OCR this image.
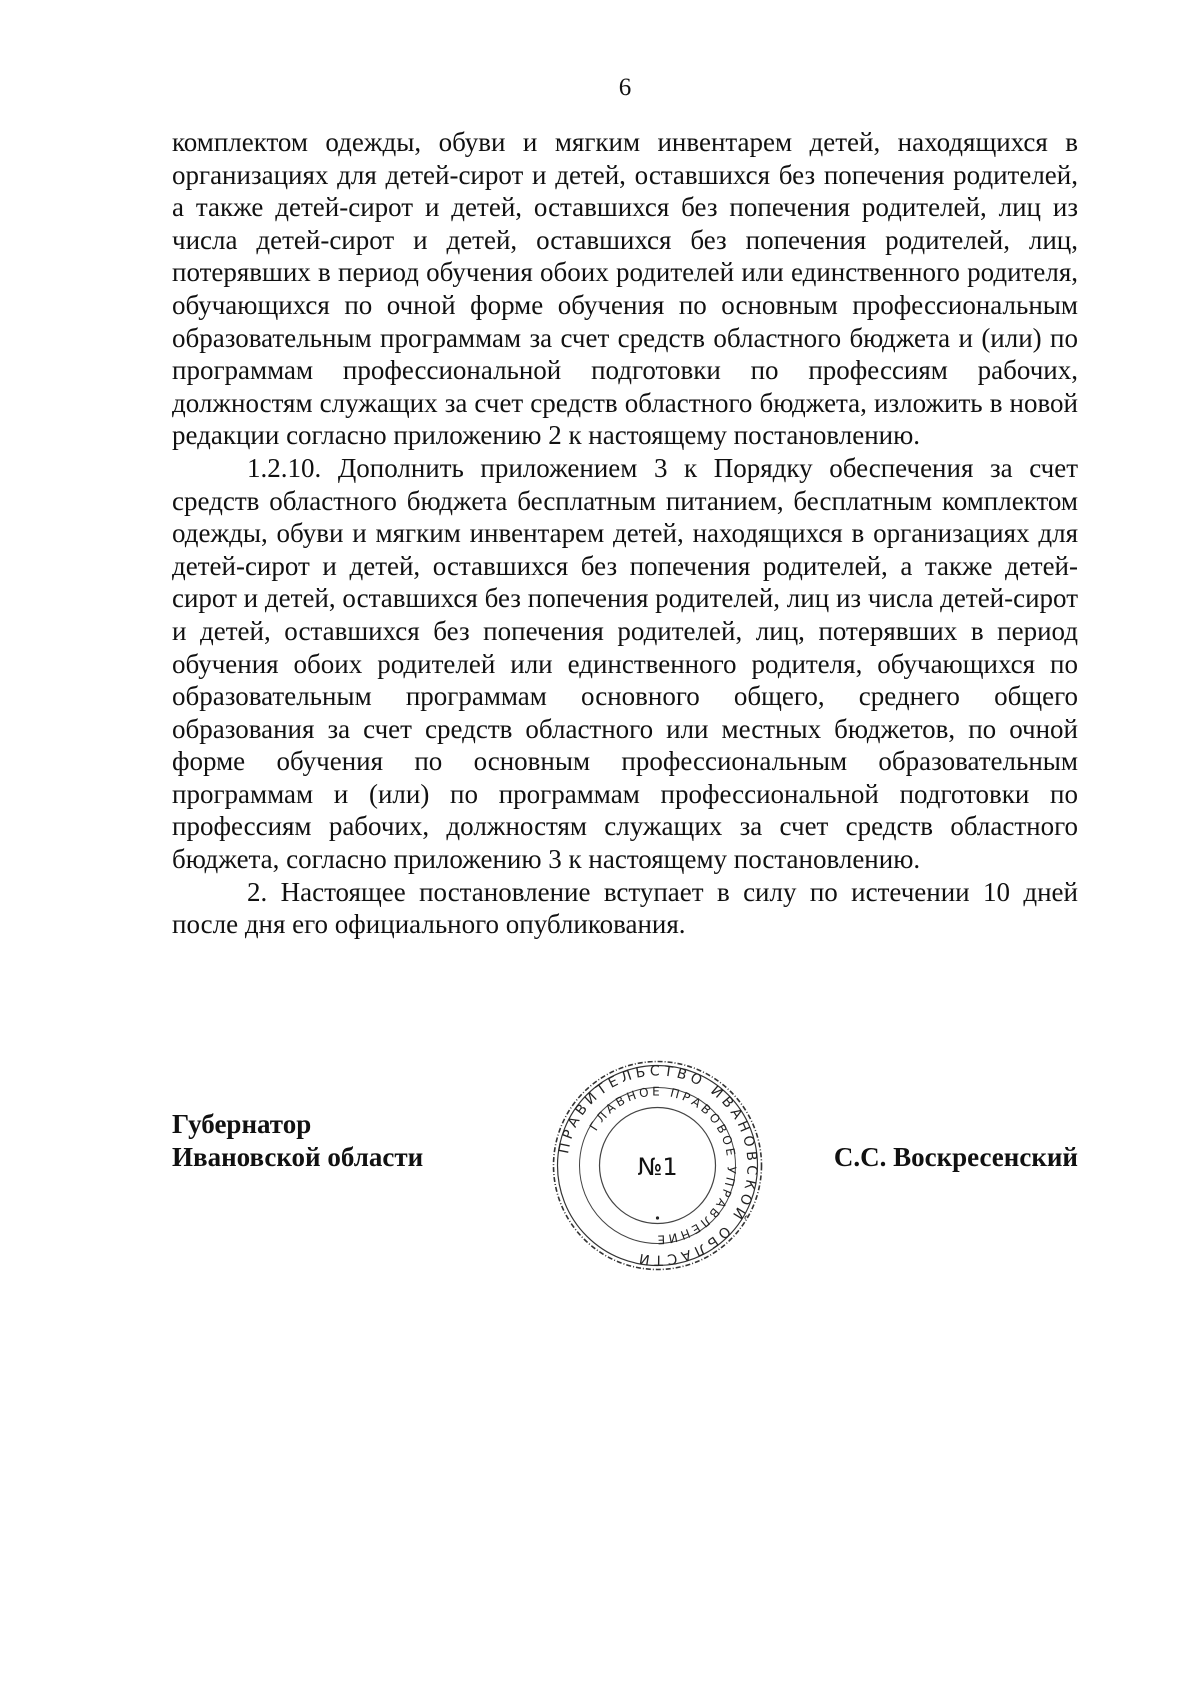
6

комплектом одежды, обуви и мягким инвентарем детей, находящихся в организациях для детей-сирот и детей, оставшихся без попечения родителей, а также детей-сирот и детей, оставшихся без попечения родителей, лиц из числа детей-сирот и детей, оставшихся без попечения родителей, лиц, потерявших в период обучения обоих родителей или единственного родителя, обучающихся по очной форме обучения по основным профессиональным образовательным программам за счет средств областного бюджета и (или) по программам профессиональной подготовки по профессиям рабочих, должностям служащих за счет средств областного бюджета, изложить в новой редакции согласно приложению 2 к настоящему постановлению.

1.2.10. Дополнить приложением 3 к Порядку обеспечения за счет средств областного бюджета бесплатным питанием, бесплатным комплектом одежды, обуви и мягким инвентарем детей, находящихся в организациях для детей-сирот и детей, оставшихся без попечения родителей, а также детей-сирот и детей, оставшихся без попечения родителей, лиц из числа детей-сирот и детей, оставшихся без попечения родителей, лиц, потерявших в период обучения обоих родителей или единственного родителя, обучающихся по образовательным программам основного общего, среднего общего образования за счет средств областного или местных бюджетов, по очной форме обучения по основным профессиональным образовательным программам и (или) по программам профессиональной подготовки по профессиям рабочих, должностям служащих за счет средств областного бюджета, согласно приложению 3 к настоящему постановлению.

2. Настоящее постановление вступает в силу по истечении 10 дней после дня его официального опубликования.

Губернатор
Ивановской области	С.С. Воскресенский
ПРАВИТЕЛЬСТВО ИВАНОВСКОЙ ОБЛАСТИ
ГЛАВНОЕ ПРАВОВОЕ УПРАВЛЕНИЕ
№1
